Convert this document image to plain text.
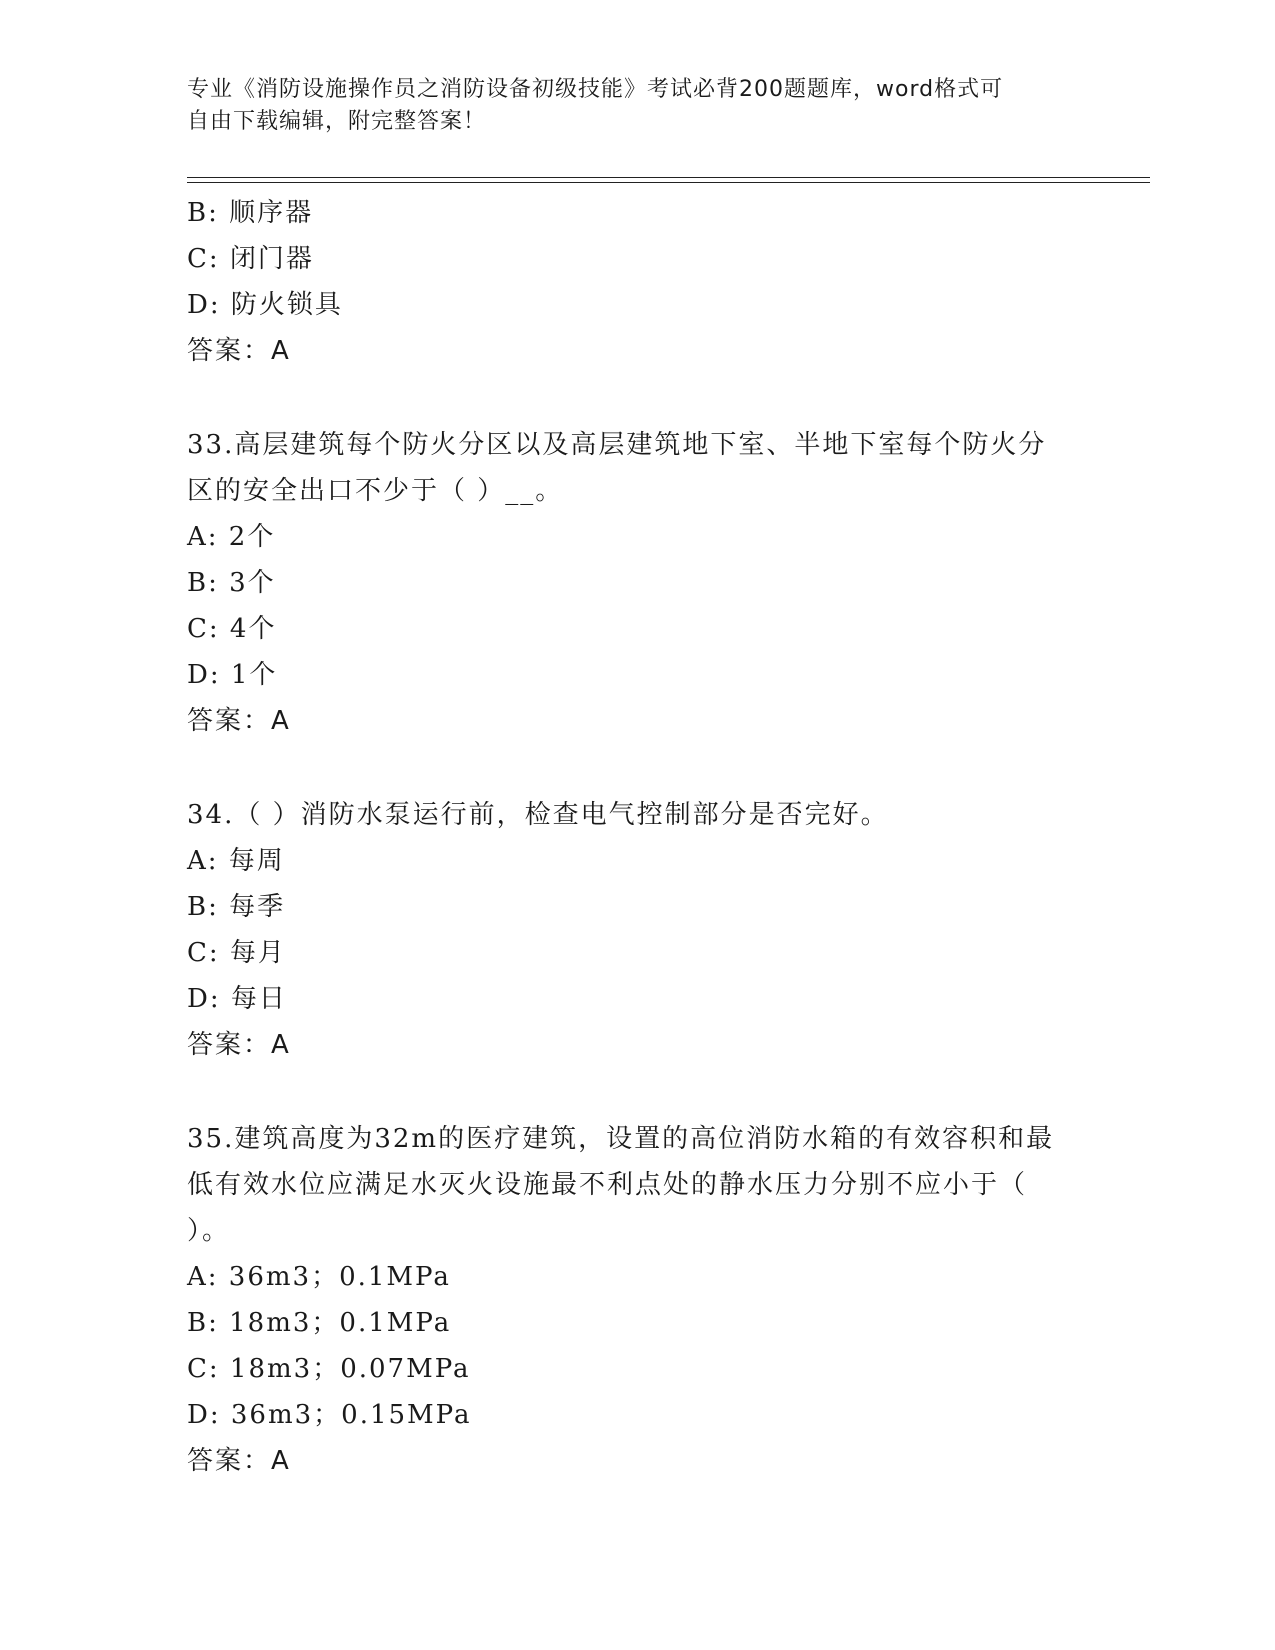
专业《消防设施操作员之消防设备初级技能》考试必背200题题库，word格式可
自由下载编辑，附完整答案！
B: 顺序器
C: 闭门器
D: 防火锁具
答案：A
33.高层建筑每个防火分区以及高层建筑地下室、半地下室每个防火分
区的安全出口不少于（ ）__。
A: 2个
B: 3个
C: 4个
D: 1个
答案：A
34.（ ）消防水泵运行前，检查电气控制部分是否完好。
A: 每周
B: 每季
C: 每月
D: 每日
答案：A
35.建筑高度为32m的医疗建筑，设置的高位消防水箱的有效容积和最
低有效水位应满足水灭火设施最不利点处的静水压力分别不应小于（
）。
A: 36m3；0.1MPa
B: 18m3；0.1MPa
C: 18m3；0.07MPa
D: 36m3；0.15MPa
答案：A
